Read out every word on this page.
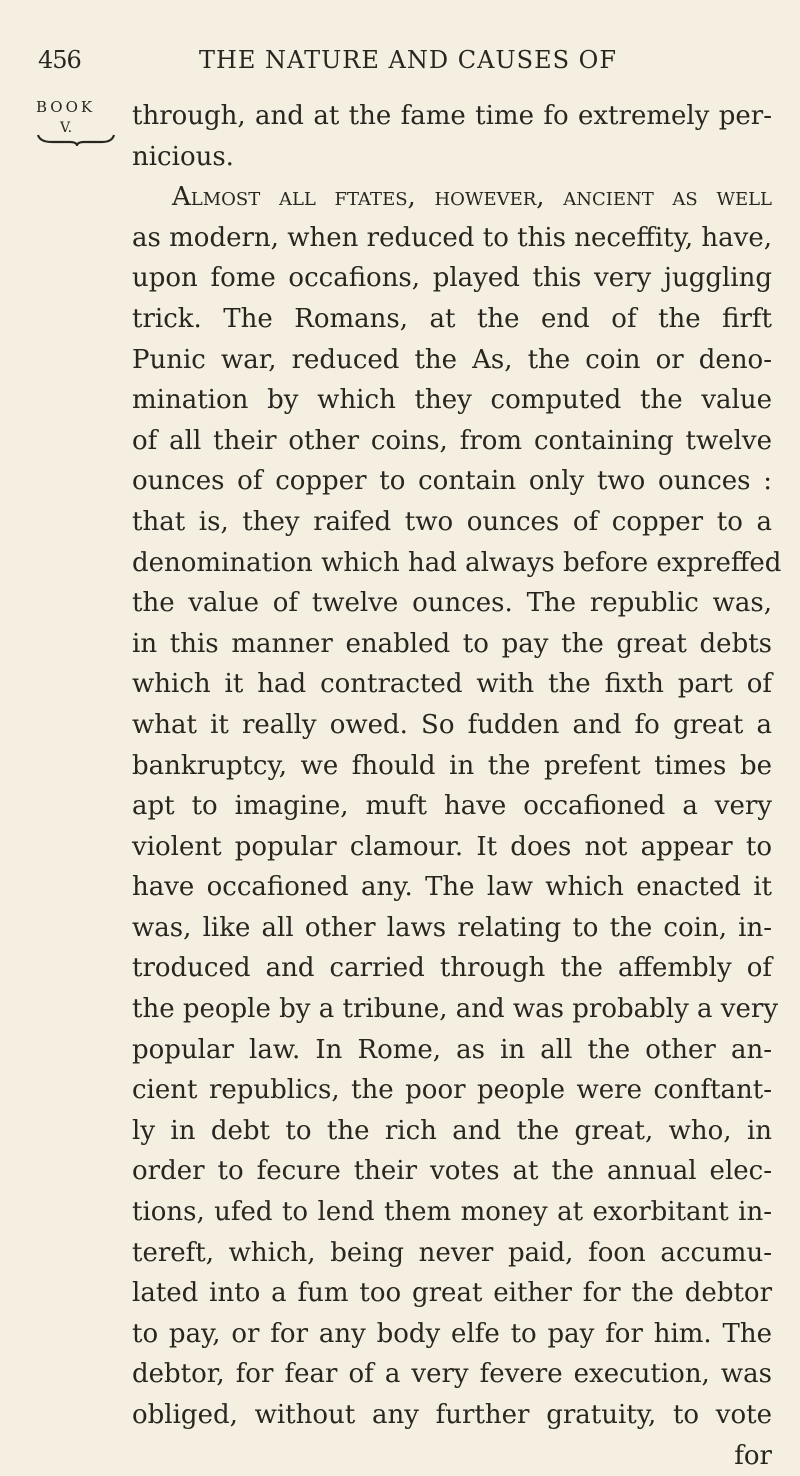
456	THE NATURE AND CAUSES OF
BOOK
V. through, and at the fame time fo extremely per-
nicious.
Almost all ftates, however, ancient as well
as modern, when reduced to this neceffity, have,
upon fome occafions, played this very juggling
trick. The Romans, at the end of the firft
Punic war, reduced the As, the coin or deno-
mination by which they computed the value
of all their other coins, from containing twelve
ounces of copper to contain only two ounces :
that is, they raifed two ounces of copper to a
denomination which had always before expreffed
the value of twelve ounces. The republic was,
in this manner enabled to pay the great debts
which it had contracted with the fixth part of
what it really owed. So fudden and fo great a
bankruptcy, we fhould in the prefent times be
apt to imagine, muft have occafioned a very
violent popular clamour. It does not appear to
have occafioned any. The law which enacted it
was, like all other laws relating to the coin, in-
troduced and carried through the affembly of
the people by a tribune, and was probably a very
popular law. In Rome, as in all the other an-
cient republics, the poor people were conftant-
ly in debt to the rich and the great, who, in
order to fecure their votes at the annual elec-
tions, ufed to lend them money at exorbitant in-
tereft, which, being never paid, foon accumu-
lated into a fum too great either for the debtor
to pay, or for any body elfe to pay for him. The
debtor, for fear of a very fevere execution, was
obliged, without any further gratuity, to vote
for
